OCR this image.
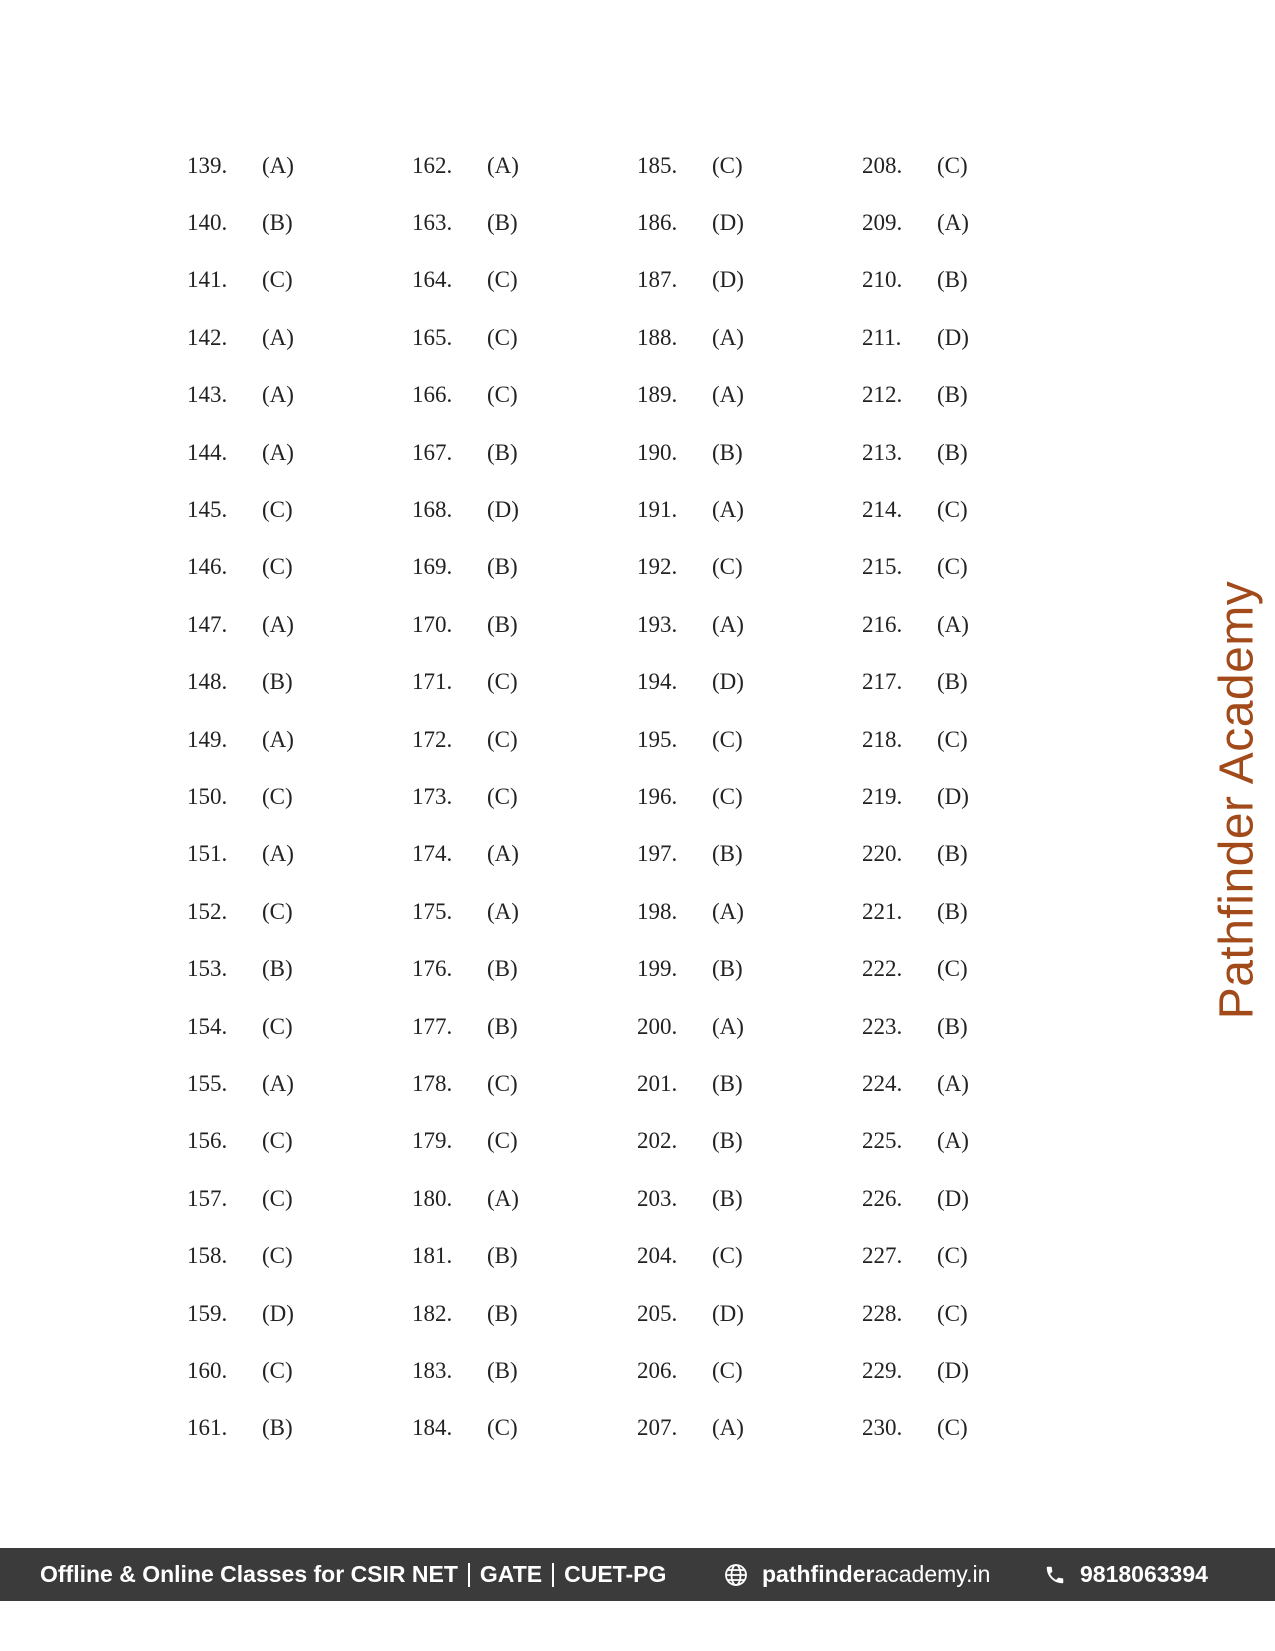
139.	(A)
140.	(B)
141.	(C)
142.	(A)
143.	(A)
144.	(A)
145.	(C)
146.	(C)
147.	(A)
148.	(B)
149.	(A)
150.	(C)
151.	(A)
152.	(C)
153.	(B)
154.	(C)
155.	(A)
156.	(C)
157.	(C)
158.	(C)
159.	(D)
160.	(C)
161.	(B)
162.	(A)
163.	(B)
164.	(C)
165.	(C)
166.	(C)
167.	(B)
168.	(D)
169.	(B)
170.	(B)
171.	(C)
172.	(C)
173.	(C)
174.	(A)
175.	(A)
176.	(B)
177.	(B)
178.	(C)
179.	(C)
180.	(A)
181.	(B)
182.	(B)
183.	(B)
184.	(C)
185.	(C)
186.	(D)
187.	(D)
188.	(A)
189.	(A)
190.	(B)
191.	(A)
192.	(C)
193.	(A)
194.	(D)
195.	(C)
196.	(C)
197.	(B)
198.	(A)
199.	(B)
200.	(A)
201.	(B)
202.	(B)
203.	(B)
204.	(C)
205.	(D)
206.	(C)
207.	(A)
208.	(C)
209.	(A)
210.	(B)
211.	(D)
212.	(B)
213.	(B)
214.	(C)
215.	(C)
216.	(A)
217.	(B)
218.	(C)
219.	(D)
220.	(B)
221.	(B)
222.	(C)
223.	(B)
224.	(A)
225.	(A)
226.	(D)
227.	(C)
228.	(C)
229.	(D)
230.	(C)
Pathfinder Academy
Offline & Online Classes for CSIR NET GATE CUET-PG	pathfinder academy.in	9818063394
